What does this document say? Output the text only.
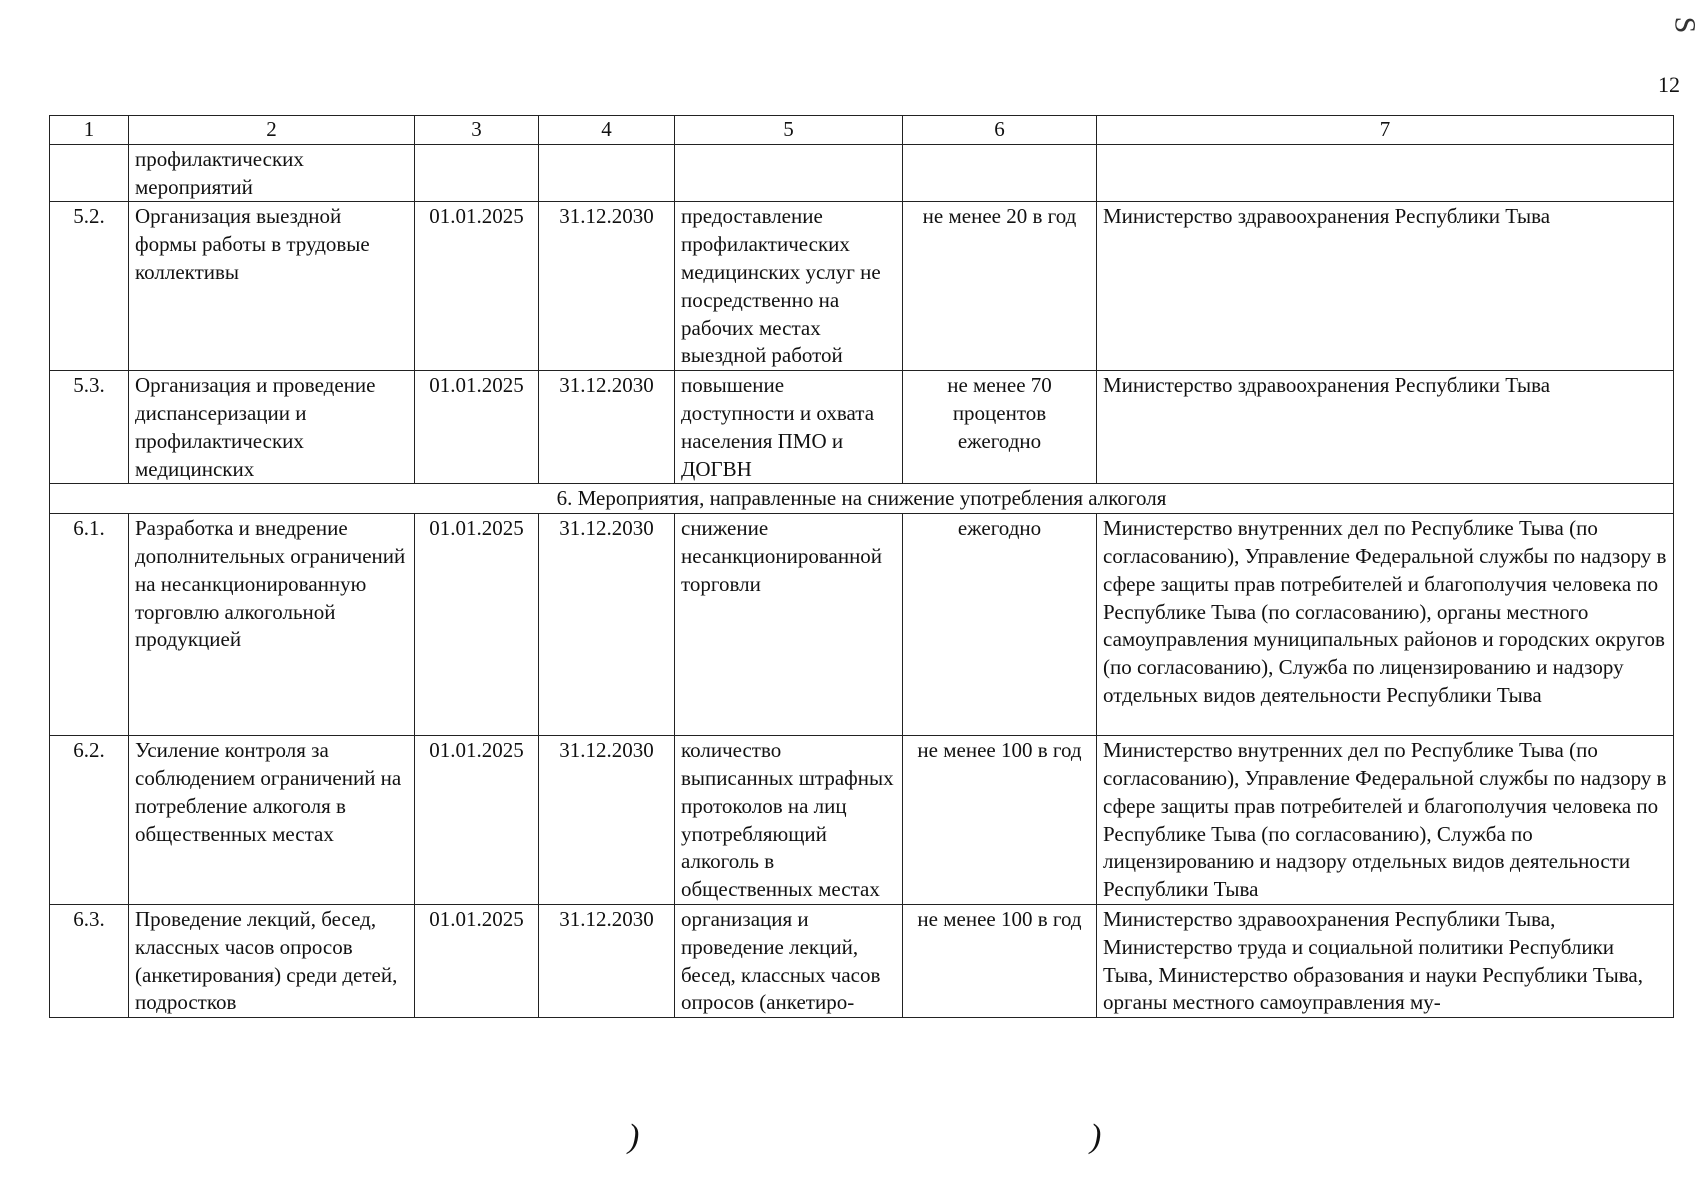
12
S
1	2	3	4	5	6	7
	профилактических мероприятий					
5.2.	Организация выездной формы работы в трудовые коллективы	01.01.2025	31.12.2030	предоставление профилактических медицинских услуг не посредственно на рабочих местах выездной работой	не менее 20 в год	Министерство здравоохранения Республики Тыва
5.3.	Организация и проведение диспансеризации и профилактических медицинских	01.01.2025	31.12.2030	повышение доступности и охвата населения ПМО и ДОГВН	не менее 70 процентов ежегодно	Министерство здравоохранения Республики Тыва
6. Мероприятия, направленные на снижение употребления алкоголя						
6.1.	Разработка и внедрение дополнительных ограничений на несанкционированную торговлю алкогольной продукцией	01.01.2025	31.12.2030	снижение несанкционированной торговли	ежегодно	Министерство внутренних дел по Республике Тыва (по согласованию), Управление Федеральной службы по надзору в сфере защиты прав потребителей и благополучия человека по Республике Тыва (по согласованию), органы местного самоуправления муниципальных районов и городских округов (по согласованию), Служба по лицензированию и надзору отдельных видов деятельности Республики Тыва
6.2.	Усиление контроля за соблюдением ограничений на потребление алкоголя в общественных местах	01.01.2025	31.12.2030	количество выписанных штрафных протоколов на лиц употребляющий алкоголь в общественных местах	не менее 100 в год	Министерство внутренних дел по Республике Тыва (по согласованию), Управление Федеральной службы по надзору в сфере защиты прав потребителей и благополучия человека по Республике Тыва (по согласованию), Служба по лицензированию и надзору отдельных видов деятельности Республики Тыва
6.3.	Проведение лекций, бесед, классных часов опросов (анкетирования) среди детей, подростков	01.01.2025	31.12.2030	организация и проведение лекций, бесед, классных часов опросов (анкетиро-	не менее 100 в год	Министерство здравоохранения Республики Тыва, Министерство труда и социальной политики Республики Тыва, Министерство образования и науки Республики Тыва, органы местного самоуправления му-
)	)
